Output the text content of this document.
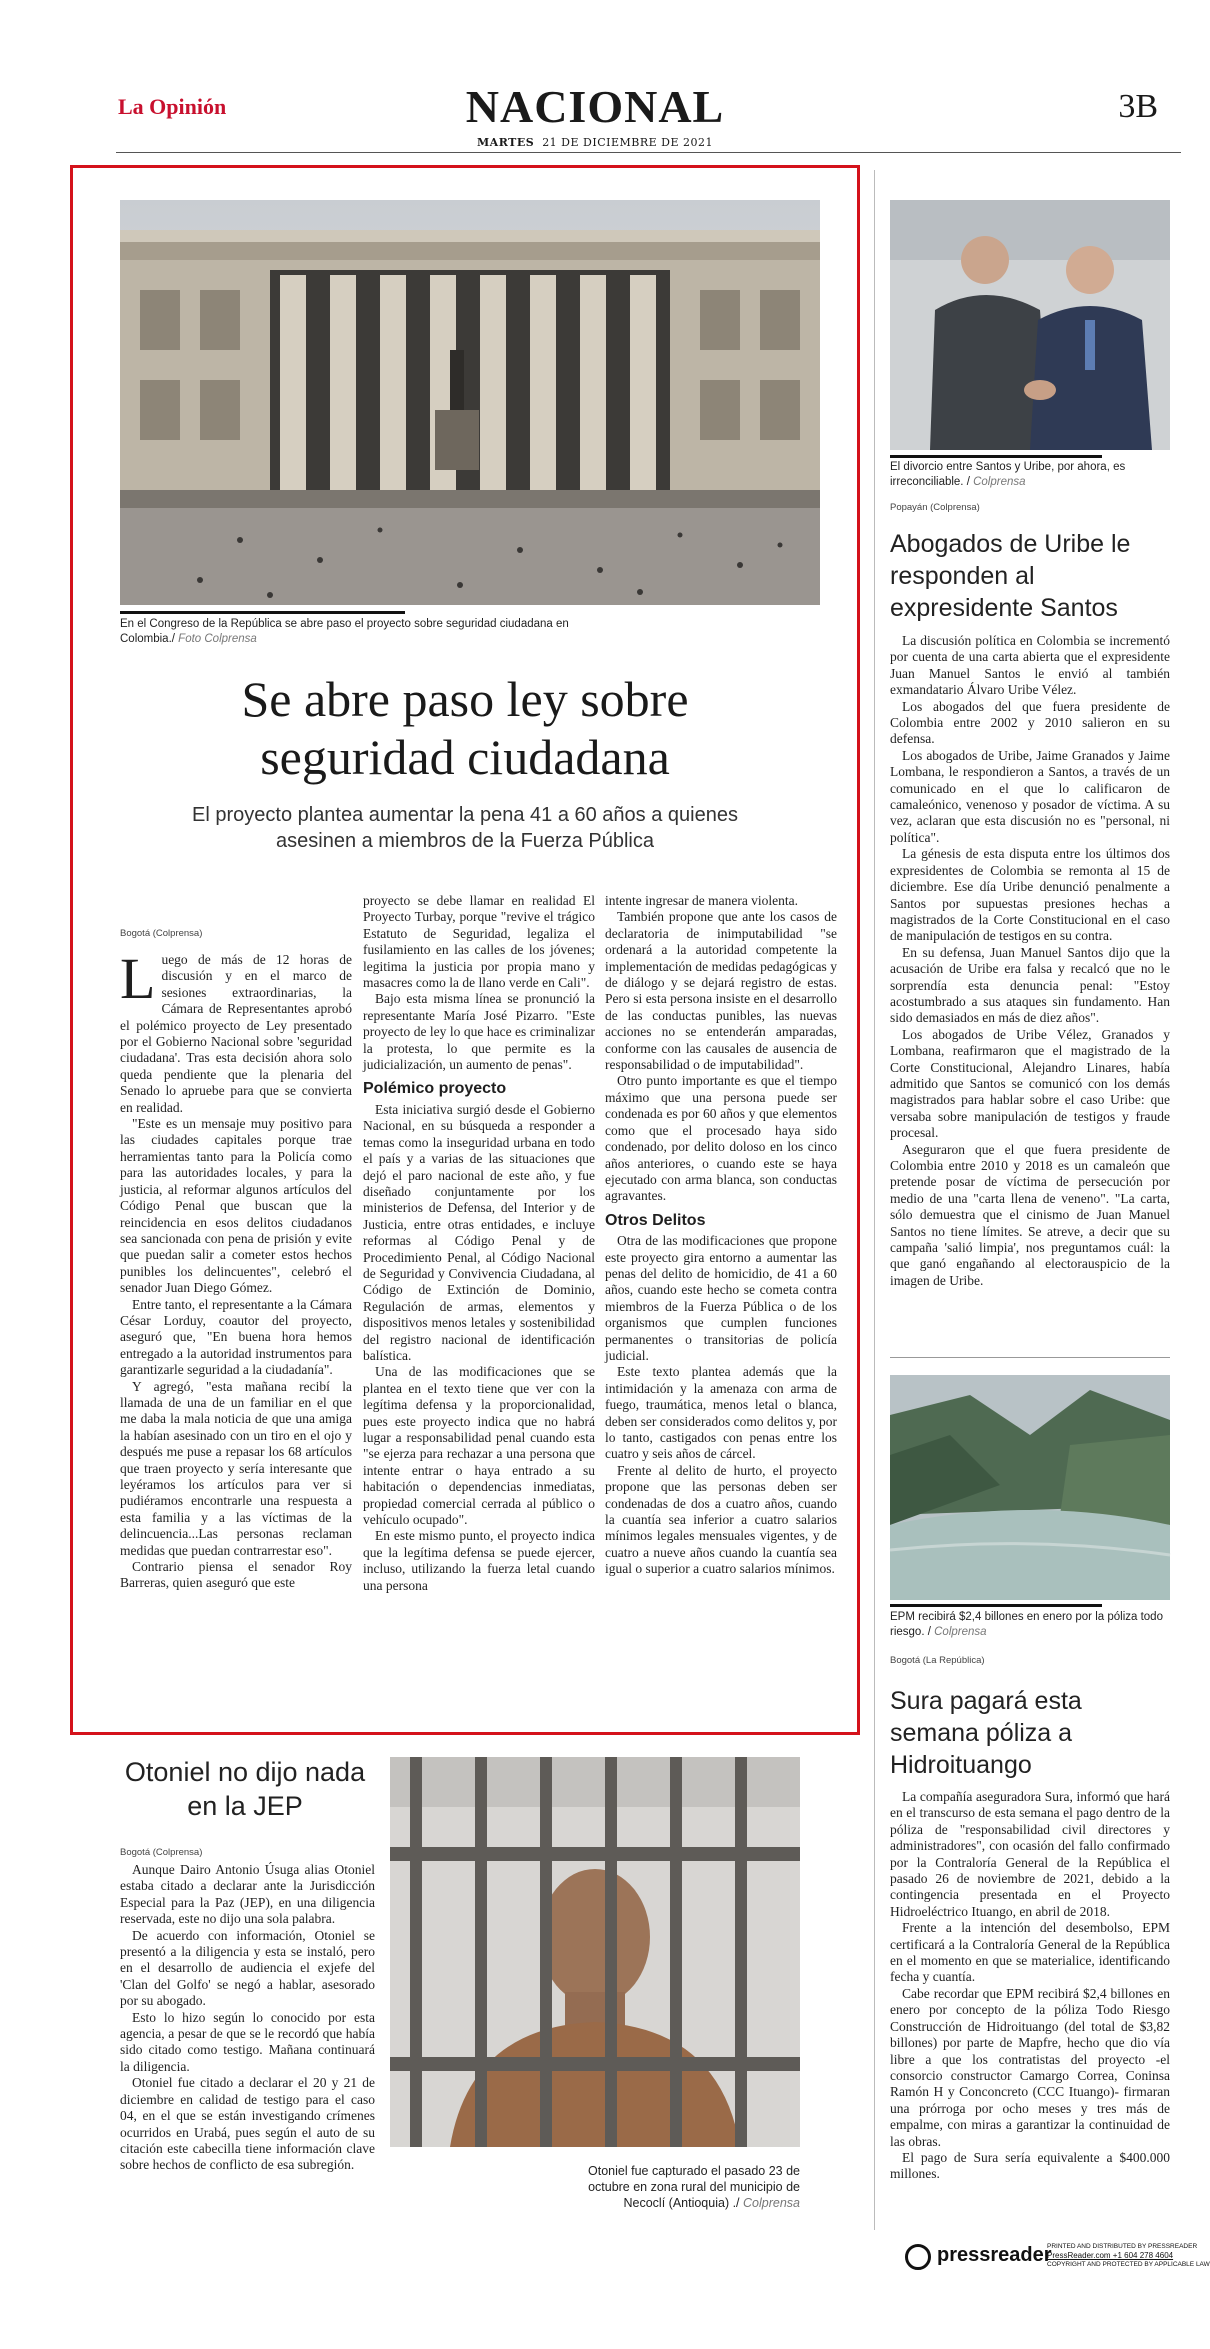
La Opinión	NACIONAL	3B
MARTES 21 DE DICIEMBRE DE 2021
En el Congreso de la República se abre paso el proyecto sobre seguridad ciudadana en Colombia./ Foto Colprensa
Se abre paso ley sobre
seguridad ciudadana
El proyecto plantea aumentar la pena 41 a 60 años a quienes asesinen a miembros de la Fuerza Pública
Bogotá (Colprensa)

Luego de más de 12 horas de discusión y en el marco de sesiones extraordinarias, la Cámara de Representantes aprobó el polémico proyecto de Ley presentado por el Gobierno Nacional sobre 'seguridad ciudadana'. Tras esta decisión ahora solo queda pendiente que la plenaria del Senado lo apruebe para que se convierta en realidad.

"Este es un mensaje muy positivo para las ciudades capitales porque trae herramientas tanto para la Policía como para las autoridades locales, y para la justicia, al reformar algunos artículos del Código Penal que buscan que la reincidencia en esos delitos ciudadanos sea sancionada con pena de prisión y evite que puedan salir a cometer estos hechos punibles los delincuentes", celebró el senador Juan Diego Gómez.

Entre tanto, el representante a la Cámara César Lorduy, coautor del proyecto, aseguró que, "En buena hora hemos entregado a la autoridad instrumentos para garantizarle seguridad a la ciudadanía".

Y agregó, "esta mañana recibí la llamada de una de un familiar en el que me daba la mala noticia de que una amiga la habían asesinado con un tiro en el ojo y después me puse a repasar los 68 artículos que traen proyecto y sería interesante que leyéramos los artículos para ver si pudiéramos encontrarle una respuesta a esta familia y a las víctimas de la delincuencia...Las personas reclaman medidas que puedan contrarrestar eso".

Contrario piensa el senador Roy Barreras, quien aseguró que este

proyecto se debe llamar en realidad El Proyecto Turbay, porque "revive el trágico Estatuto de Seguridad, legaliza el fusilamiento en las calles de los jóvenes; legitima la justicia por propia mano y masacres como la de llano verde en Cali".

Bajo esta misma línea se pronunció la representante María José Pizarro. "Este proyecto de ley lo que hace es criminalizar la protesta, lo que permite es la judicialización, un aumento de penas".

Polémico proyecto

Esta iniciativa surgió desde el Gobierno Nacional, en su búsqueda a responder a temas como la inseguridad urbana en todo el país y a varias de las situaciones que dejó el paro nacional de este año, y fue diseñado conjuntamente por los ministerios de Defensa, del Interior y de Justicia, entre otras entidades, e incluye reformas al Código Penal y de Procedimiento Penal, al Código Nacional de Seguridad y Convivencia Ciudadana, al Código de Extinción de Dominio, Regulación de armas, elementos y dispositivos menos letales y sostenibilidad del registro nacional de identificación balística.

Una de las modificaciones que se plantea en el texto tiene que ver con la legítima defensa y la proporcionalidad, pues este proyecto indica que no habrá lugar a responsabilidad penal cuando esta "se ejerza para rechazar a una persona que intente entrar o haya entrado a su habitación o dependencias inmediatas, propiedad comercial cerrada al público o vehículo ocupado".

En este mismo punto, el proyecto indica que la legítima defensa se puede ejercer, incluso, utilizando la fuerza letal cuando una persona

intente ingresar de manera violenta.

También propone que ante los casos de declaratoria de inimputabilidad "se ordenará a la autoridad competente la implementación de medidas pedagógicas y de diálogo y se dejará registro de estas. Pero si esta persona insiste en el desarrollo de las conductas punibles, las nuevas acciones no se entenderán amparadas, conforme con las causales de ausencia de responsabilidad o de imputabilidad".

Otro punto importante es que el tiempo máximo que una persona puede ser condenada es por 60 años y que elementos como que el procesado haya sido condenado, por delito doloso en los cinco años anteriores, o cuando este se haya ejecutado con arma blanca, son conductas agravantes.

Otros Delitos

Otra de las modificaciones que propone este proyecto gira entorno a aumentar las penas del delito de homicidio, de 41 a 60 años, cuando este hecho se cometa contra miembros de la Fuerza Pública o de los organismos que cumplen funciones permanentes o transitorias de policía judicial.

Este texto plantea además que la intimidación y la amenaza con arma de fuego, traumática, menos letal o blanca, deben ser considerados como delitos y, por lo tanto, castigados con penas entre los cuatro y seis años de cárcel.

Frente al delito de hurto, el proyecto propone que las personas deben ser condenadas de dos a cuatro años, cuando la cuantía sea inferior a cuatro salarios mínimos legales mensuales vigentes, y de cuatro a nueve años cuando la cuantía sea igual o superior a cuatro salarios mínimos.

El divorcio entre Santos y Uribe, por ahora, es irreconciliable. / Colprensa
Popayán (Colprensa)
Abogados de Uribe le responden al expresidente Santos

La discusión política en Colombia se incrementó por cuenta de una carta abierta que el expresidente Juan Manuel Santos le envió al también exmandatario Álvaro Uribe Vélez.

Los abogados del que fuera presidente de Colombia entre 2002 y 2010 salieron en su defensa.

Los abogados de Uribe, Jaime Granados y Jaime Lombana, le respondieron a Santos, a través de un comunicado en el que lo calificaron de camaleónico, venenoso y posador de víctima. A su vez, aclaran que esta discusión no es "personal, ni política".

La génesis de esta disputa entre los últimos dos expresidentes de Colombia se remonta al 15 de diciembre. Ese día Uribe denunció penalmente a Santos por supuestas presiones hechas a magistrados de la Corte Constitucional en el caso de manipulación de testigos en su contra.

En su defensa, Juan Manuel Santos dijo que la acusación de Uribe era falsa y recalcó que no le sorprendía esta denuncia penal: "Estoy acostumbrado a sus ataques sin fundamento. Han sido demasiados en más de diez años".

Los abogados de Uribe Vélez, Granados y Lombana, reafirmaron que el magistrado de la Corte Constitucional, Alejandro Linares, había admitido que Santos se comunicó con los demás magistrados para hablar sobre el caso Uribe: que versaba sobre manipulación de testigos y fraude procesal.

Aseguraron que el que fuera presidente de Colombia entre 2010 y 2018 es un camaleón que pretende posar de víctima de persecución por medio de una "carta llena de veneno". "La carta, sólo demuestra que el cinismo de Juan Manuel Santos no tiene límites. Se atreve, a decir que su campaña 'salió limpia', nos preguntamos cuál: la que ganó engañando al electorauspicio de la imagen de Uribe.

EPM recibirá $2,4 billones en enero por la póliza todo riesgo. / Colprensa
Bogotá (La República)
Sura pagará esta semana póliza a Hidroituango

La compañía aseguradora Sura, informó que hará en el transcurso de esta semana el pago dentro de la póliza de "responsabilidad civil directores y administradores", con ocasión del fallo confirmado por la Contraloría General de la República el pasado 26 de noviembre de 2021, debido a la contingencia presentada en el Proyecto Hidroeléctrico Ituango, en abril de 2018.

Frente a la intención del desembolso, EPM certificará a la Contraloría General de la República en el momento en que se materialice, identificando fecha y cuantía.

Cabe recordar que EPM recibirá $2,4 billones en enero por concepto de la póliza Todo Riesgo Construcción de Hidroituango (del total de $3,82 billones) por parte de Mapfre, hecho que dio vía libre a que los contratistas del proyecto -el consorcio constructor Camargo Correa, Coninsa Ramón H y Conconcreto (CCC Ituango)- firmaran una prórroga por ocho meses y tres más de empalme, con miras a garantizar la continuidad de las obras.

El pago de Sura sería equivalente a $400.000 millones.

Otoniel no dijo nada en la JEP
Bogotá (Colprensa)

Aunque Dairo Antonio Úsuga alias Otoniel estaba citado a declarar ante la Jurisdicción Especial para la Paz (JEP), en una diligencia reservada, este no dijo una sola palabra.

De acuerdo con información, Otoniel se presentó a la diligencia y esta se instaló, pero en el desarrollo de audiencia el exjefe del 'Clan del Golfo' se negó a hablar, asesorado por su abogado.

Esto lo hizo según lo conocido por esta agencia, a pesar de que se le recordó que había sido citado como testigo. Mañana continuará la diligencia.

Otoniel fue citado a declarar el 20 y 21 de diciembre en calidad de testigo para el caso 04, en el que se están investigando crímenes ocurridos en Urabá, pues según el auto de su citación este cabecilla tiene información clave sobre hechos de conflicto de esa subregión.	Otoniel fue capturado el pasado 23 de octubre en zona rural del municipio de Necoclí (Antioquia) ./ Colprensa
pressreader
PRINTED AND DISTRIBUTED BY PRESSREADER
PressReader.com +1 604 278 4604
COPYRIGHT AND PROTECTED BY APPLICABLE LAW
